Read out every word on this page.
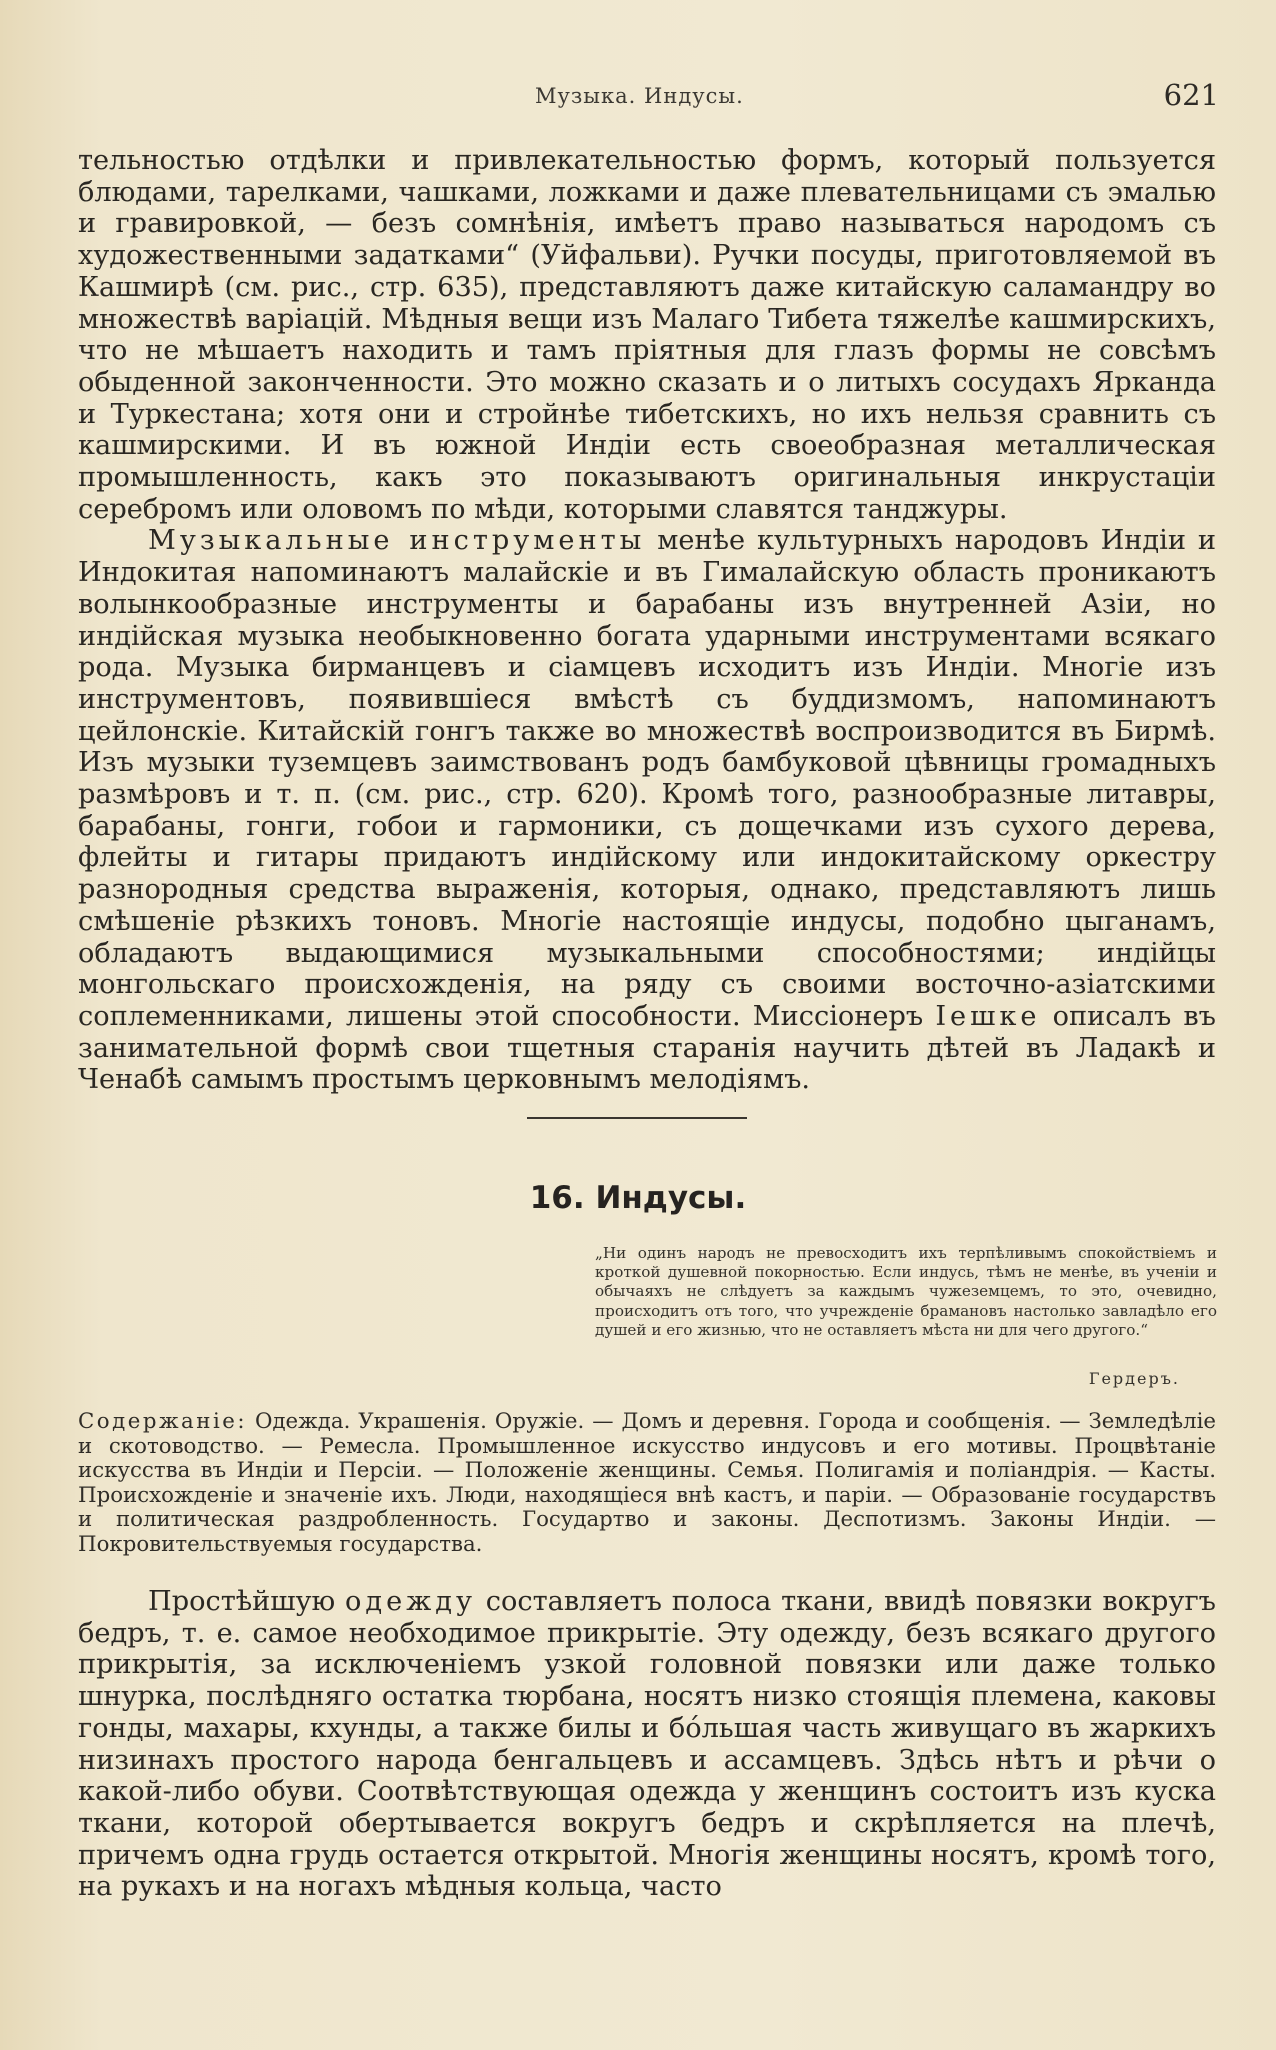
Музыка. Индусы.	621

тельностью отдѣлки и привлекательностью формъ, который пользуется блюдами, тарелками, чашками, ложками и даже плевательницами съ эмалью и гравировкой, — безъ сомнѣнія, имѣетъ право называться народомъ съ художественными задатками“ (Уйфальви). Ручки посуды, приготовляемой въ Кашмирѣ (см. рис., стр. 635), представляютъ даже китайскую саламандру во множествѣ варіацій. Мѣдныя вещи изъ Малаго Тибета тяжелѣе кашмирскихъ, что не мѣшаетъ находить и тамъ пріятныя для глазъ формы не совсѣмъ обыденной законченности. Это можно сказать и о литыхъ сосудахъ Ярканда и Туркестана; хотя они и стройнѣе тибетскихъ, но ихъ нельзя сравнить съ кашмирскими. И въ южной Индіи есть своеобразная металлическая промышленность, какъ это показываютъ оригинальныя инкрустаціи серебромъ или оловомъ по мѣди, которыми славятся танджуры.

Музыкальные инструменты менѣе культурныхъ народовъ Индіи и Индокитая напоминаютъ малайскіе и въ Гималайскую область проникаютъ волынкообразные инструменты и барабаны изъ внутренней Азіи, но индійская музыка необыкновенно богата ударными инструментами всякаго рода. Музыка бирманцевъ и сіамцевъ исходитъ изъ Индіи. Многіе изъ инструментовъ, появившіеся вмѣстѣ съ буддизмомъ, напоминаютъ цейлонскіе. Китайскій гонгъ также во множествѣ воспроизводится въ Бирмѣ. Изъ музыки туземцевъ заимствованъ родъ бамбуковой цѣвницы громадныхъ размѣровъ и т. п. (см. рис., стр. 620). Кромѣ того, разнообразные литавры, барабаны, гонги, гобои и гармоники, съ дощечками изъ сухого дерева, флейты и гитары придаютъ индійскому или индокитайскому оркестру разнородныя средства выраженія, которыя, однако, представляютъ лишь смѣшеніе рѣзкихъ тоновъ. Многіе настоящіе индусы, подобно цыганамъ, обладаютъ выдающимися музыкальными способностями; индійцы монгольскаго происхожденія, на ряду съ своими восточно-азіатскими соплеменниками, лишены этой способности. Миссіонеръ Іешке описалъ въ занимательной формѣ свои тщетныя старанія научить дѣтей въ Ладакѣ и Ченабѣ самымъ простымъ церковнымъ мелодіямъ.

16. Индусы.
„Ни одинъ народъ не превосходитъ ихъ терпѣливымъ спокойствіемъ и кроткой душевной покорностью. Если индусь, тѣмъ не менѣе, въ ученіи и обычаяхъ не слѣдуетъ за каждымъ чужеземцемъ, то это, очевидно, происходитъ отъ того, что учрежденіе брамановъ настолько завладѣло его душей и его жизнью, что не оставляетъ мѣста ни для чего другого.“
Гердеръ.
Содержаніе: Одежда. Украшенія. Оружіе. — Домъ и деревня. Города и сообщенія. — Земледѣліе и скотоводство. — Ремесла. Промышленное искусство индусовъ и его мотивы. Процвѣтаніе искусства въ Индіи и Персіи. — Положеніе женщины. Семья. Полигамія и поліандрія. — Касты. Происхожденіе и значеніе ихъ. Люди, находящіеся внѣ кастъ, и паріи. — Образованіе государствъ и политическая раздробленность. Государтво и законы. Деспотизмъ. Законы Индіи. — Покровительствуемыя государства.

Простѣйшую одежду составляетъ полоса ткани, ввидѣ повязки вокругъ бедръ, т. е. самое необходимое прикрытіе. Эту одежду, безъ всякаго другого прикрытія, за исключеніемъ узкой головной повязки или даже только шнурка, послѣдняго остатка тюрбана, носятъ низко стоящія племена, каковы гонды, махары, кхунды, а также билы и бо́льшая часть живущаго въ жаркихъ низинахъ простого народа бенгальцевъ и ассамцевъ. Здѣсь нѣтъ и рѣчи о какой-либо обуви. Соотвѣтствующая одежда у женщинъ состоитъ изъ куска ткани, которой обертывается вокругъ бедръ и скрѣпляется на плечѣ, причемъ одна грудь остается открытой. Многія женщины носятъ, кромѣ того, на рукахъ и на ногахъ мѣдныя кольца, часто
